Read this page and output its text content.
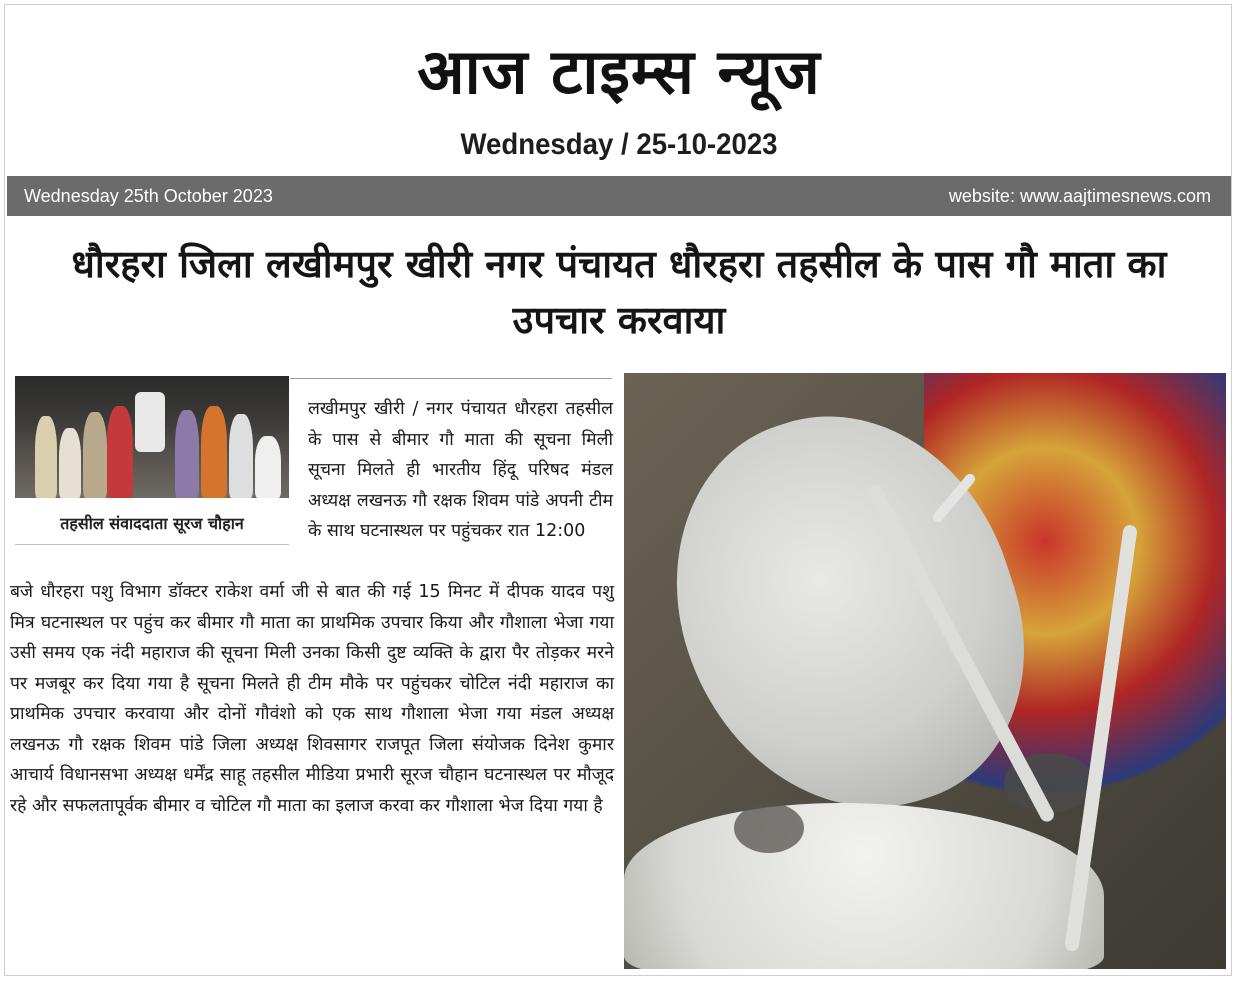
आज टाइम्स न्यूज
Wednesday / 25-10-2023
Wednesday 25th October 2023	website: www.aajtimesnews.com
धौरहरा जिला लखीमपुर खीरी नगर पंचायत धौरहरा तहसील के पास गौ माता का उपचार करवाया
तहसील संवाददाता सूरज चौहान
लखीमपुर खीरी / नगर पंचायत धौरहरा तहसील के पास से बीमार गौ माता की सूचना मिली सूचना मिलते ही भारतीय हिंदू परिषद मंडल अध्यक्ष लखनऊ गौ रक्षक शिवम पांडे अपनी टीम के साथ घटनास्थल पर पहुंचकर रात 12:00
बजे धौरहरा पशु विभाग डॉक्टर राकेश वर्मा जी से बात की गई 15 मिनट में दीपक यादव पशु मित्र घटनास्थल पर पहुंच कर बीमार गौ माता का प्राथमिक उपचार किया और गौशाला भेजा गया उसी समय एक नंदी महाराज की सूचना मिली उनका किसी दुष्ट व्यक्ति के द्वारा पैर तोड़कर मरने पर मजबूर कर दिया गया है सूचना मिलते ही टीम मौके पर पहुंचकर चोटिल नंदी महाराज का प्राथमिक उपचार करवाया और दोनों गौवंशो को एक साथ गौशाला भेजा गया मंडल अध्यक्ष लखनऊ गौ रक्षक शिवम पांडे जिला अध्यक्ष शिवसागर राजपूत जिला संयोजक दिनेश कुमार आचार्य विधानसभा अध्यक्ष धर्मेंद्र साहू तहसील मीडिया प्रभारी सूरज चौहान घटनास्थल पर मौजूद रहे और सफलतापूर्वक बीमार व चोटिल गौ माता का इलाज करवा कर गौशाला भेज दिया गया है
